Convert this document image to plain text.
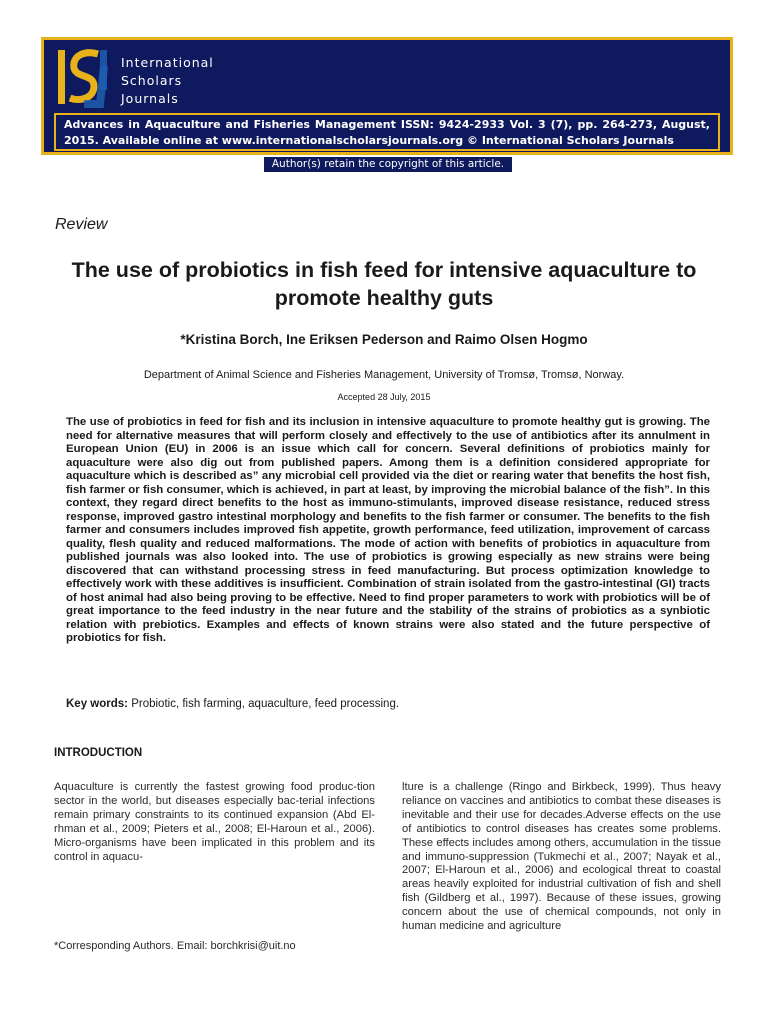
International
Scholars
Journals
Advances in Aquaculture and Fisheries Management ISSN: 9424-2933 Vol. 3 (7), pp. 264-273, August, 2015. Available online at www.internationalscholarsjournals.org © International Scholars Journals
Author(s) retain the copyright of this article.
Review
The use of probiotics in fish feed for intensive aquaculture to promote healthy guts
*Kristina Borch, Ine Eriksen Pederson and Raimo Olsen Hogmo
Department of Animal Science and Fisheries Management, University of Tromsø, Tromsø, Norway.
Accepted 28 July, 2015
The use of probiotics in feed for fish and its inclusion in intensive aquaculture to promote healthy gut is growing. The need for alternative measures that will perform closely and effectively to the use of antibiotics after its annulment in European Union (EU) in 2006 is an issue which call for concern. Several definitions of probiotics mainly for aquaculture were also dig out from published papers. Among them is a definition considered appropriate for aquaculture which is described as” any microbial cell provided via the diet or rearing water that benefits the host fish, fish farmer or fish consumer, which is achieved, in part at least, by improving the microbial balance of the fish”. In this context, they regard direct benefits to the host as immuno-stimulants, improved disease resistance, reduced stress response, improved gastro intestinal morphology and benefits to the fish farmer or consumer. The benefits to the fish farmer and consumers includes improved fish appetite, growth performance, feed utilization, improvement of carcass quality, flesh quality and reduced malformations. The mode of action with benefits of probiotics in aquaculture from published journals was also looked into. The use of probiotics is growing especially as new strains were being discovered that can withstand processing stress in feed manufacturing. But process optimization knowledge to effectively work with these additives is insufficient. Combination of strain isolated from the gastro-intestinal (GI) tracts of host animal had also being proving to be effective. Need to find proper parameters to work with probiotics will be of great importance to the feed industry in the near future and the stability of the strains of probiotics as a synbiotic relation with prebiotics. Examples and effects of known strains were also stated and the future perspective of probiotics for fish.
Key words: Probiotic, fish farming, aquaculture, feed processing.
INTRODUCTION
Aquaculture is currently the fastest growing food produc-tion sector in the world, but diseases especially bac-terial infections remain primary constraints to its continued expansion (Abd El-rhman et al., 2009; Pieters et al., 2008; El-Haroun et al., 2006). Micro-organisms have been implicated in this problem and its control in aquacu-
lture is a challenge (Ringo and Birkbeck, 1999). Thus heavy reliance on vaccines and antibiotics to combat these diseases is inevitable and their use for decades.Adverse effects on the use of antibiotics to control diseases has creates some problems. These effects includes among others, accumulation in the tissue and immuno-suppression (Tukmechi et al., 2007; Nayak et al., 2007; El-Haroun et al., 2006) and ecological threat to coastal areas heavily exploited for industrial cultivation of fish and shell fish (Gildberg et al., 1997). Because of these issues, growing concern about the use of chemical compounds, not only in human medicine and agriculture
*Corresponding Authors. Email: borchkrisi@uit.no
